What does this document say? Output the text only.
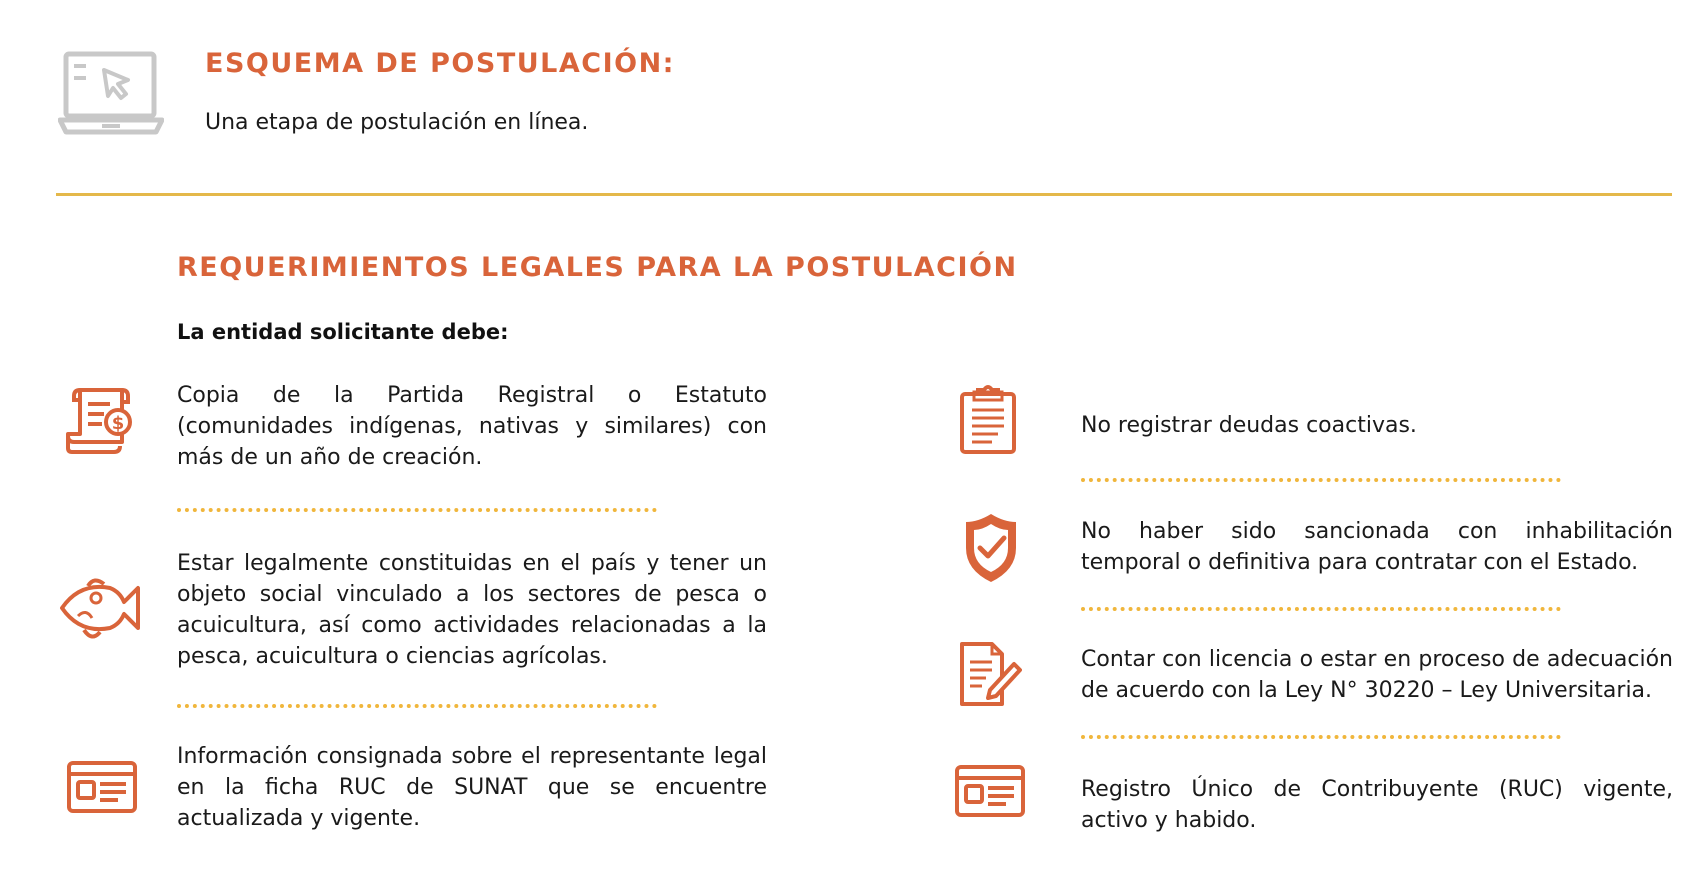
ESQUEMA DE POSTULACIÓN:
Una etapa de postulación en línea.
REQUERIMIENTOS LEGALES PARA LA POSTULACIÓN
La entidad solicitante debe:
$
Copia de la Partida Registral o Estatuto (comunidades indígenas, nativas y similares) con más de un año de creación.
Estar legalmente constituidas en el país y tener un objeto social vinculado a los sectores de pesca o acuicultura, así como actividades relacionadas a la pesca, acuicultura o ciencias agrícolas.
Información consignada sobre el representante legal en la ficha RUC de SUNAT que se encuentre actualizada y vigente.
No registrar deudas coactivas.
No haber sido sancionada con inhabilitación temporal o definitiva para contratar con el Estado.
Contar con licencia o estar en proceso de adecuación de acuerdo con la Ley N° 30220 – Ley Universitaria.
Registro Único de Contribuyente (RUC) vigente, activo y habido.
